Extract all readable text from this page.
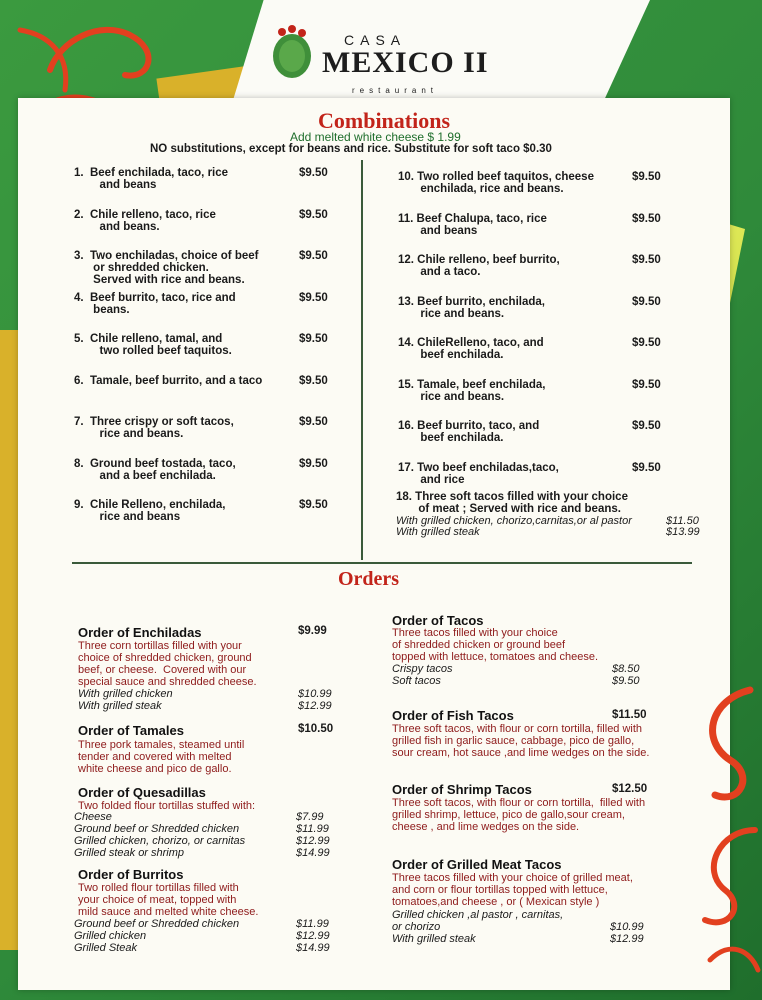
CASA
MEXICO II
restaurant
Combinations
Add melted white cheese $ 1.99
NO substitutions, except for beans and rice. Substitute for soft taco $0.30
1.  Beef enchilada, taco, rice
and beans
$9.50
2.  Chile relleno, taco, rice
and beans.
$9.50
3.  Two enchiladas, choice of beef
or shredded chicken.
Served with rice and beans.
$9.50
4.  Beef burrito, taco, rice and
beans.
$9.50
5.  Chile relleno, tamal, and
two rolled beef taquitos.
$9.50
6.  Tamale, beef burrito, and a taco	$9.50
7.  Three crispy or soft tacos,
rice and beans.
$9.50
8.  Ground beef tostada, taco,
and a beef enchilada.
$9.50
9.  Chile Relleno, enchilada,
rice and beans
$9.50
10. Two rolled beef taquitos, cheese
enchilada, rice and beans.
$9.50
11. Beef Chalupa, taco, rice
and beans
$9.50
12. Chile relleno, beef burrito,
and a taco.
$9.50
13. Beef burrito, enchilada,
rice and beans.
$9.50
14. ChileRelleno, taco, and
beef enchilada.
$9.50
15. Tamale, beef enchilada,
rice and beans.
$9.50
16. Beef burrito, taco, and
beef enchilada.
$9.50
17. Two beef enchiladas,taco,
and rice
$9.50
18. Three soft tacos filled with your choice
of meat ; Served with rice and beans.
With grilled chicken, chorizo,carnitas,or al pastor	$11.50
With grilled steak	$13.99
Orders
Order of Enchiladas	$9.99
Three corn tortillas filled with your
choice of shredded chicken, ground
beef, or cheese.  Covered with our
special sauce and shredded cheese.
With grilled chicken	$10.99
With grilled steak	$12.99
Order of Tamales	$10.50
Three pork tamales, steamed until
tender and covered with melted
white cheese and pico de gallo.
Order of Quesadillas
Two folded flour tortillas stuffed with:
Cheese	$7.99
Ground beef or Shredded chicken	$11.99
Grilled chicken, chorizo, or carnitas	$12.99
Grilled steak or shrimp	$14.99
Order of Burritos
Two rolled flour tortillas filled with
your choice of meat, topped with
mild sauce and melted white cheese.
Ground beef or Shredded chicken	$11.99
Grilled chicken	$12.99
Grilled Steak	$14.99
Order of Tacos
Three tacos filled with your choice
of shredded chicken or ground beef
topped with lettuce, tomatoes and cheese.
Crispy tacos	$8.50
Soft tacos	$9.50
Order of Fish Tacos	$11.50
Three soft tacos, with flour or corn tortilla, filled with
grilled fish in garlic sauce, cabbage, pico de gallo,
sour cream, hot sauce ,and lime wedges on the side.
Order of Shrimp Tacos	$12.50
Three soft tacos, with flour or corn tortilla,  filled with
grilled shrimp, lettuce, pico de gallo,sour cream,
cheese , and lime wedges on the side.
Order of Grilled Meat Tacos
Three tacos filled with your choice of grilled meat,
and corn or flour tortillas topped with lettuce,
tomatoes,and cheese , or ( Mexican style )
Grilled chicken ,al pastor , carnitas,
or chorizo	$10.99
With grilled steak	$12.99
